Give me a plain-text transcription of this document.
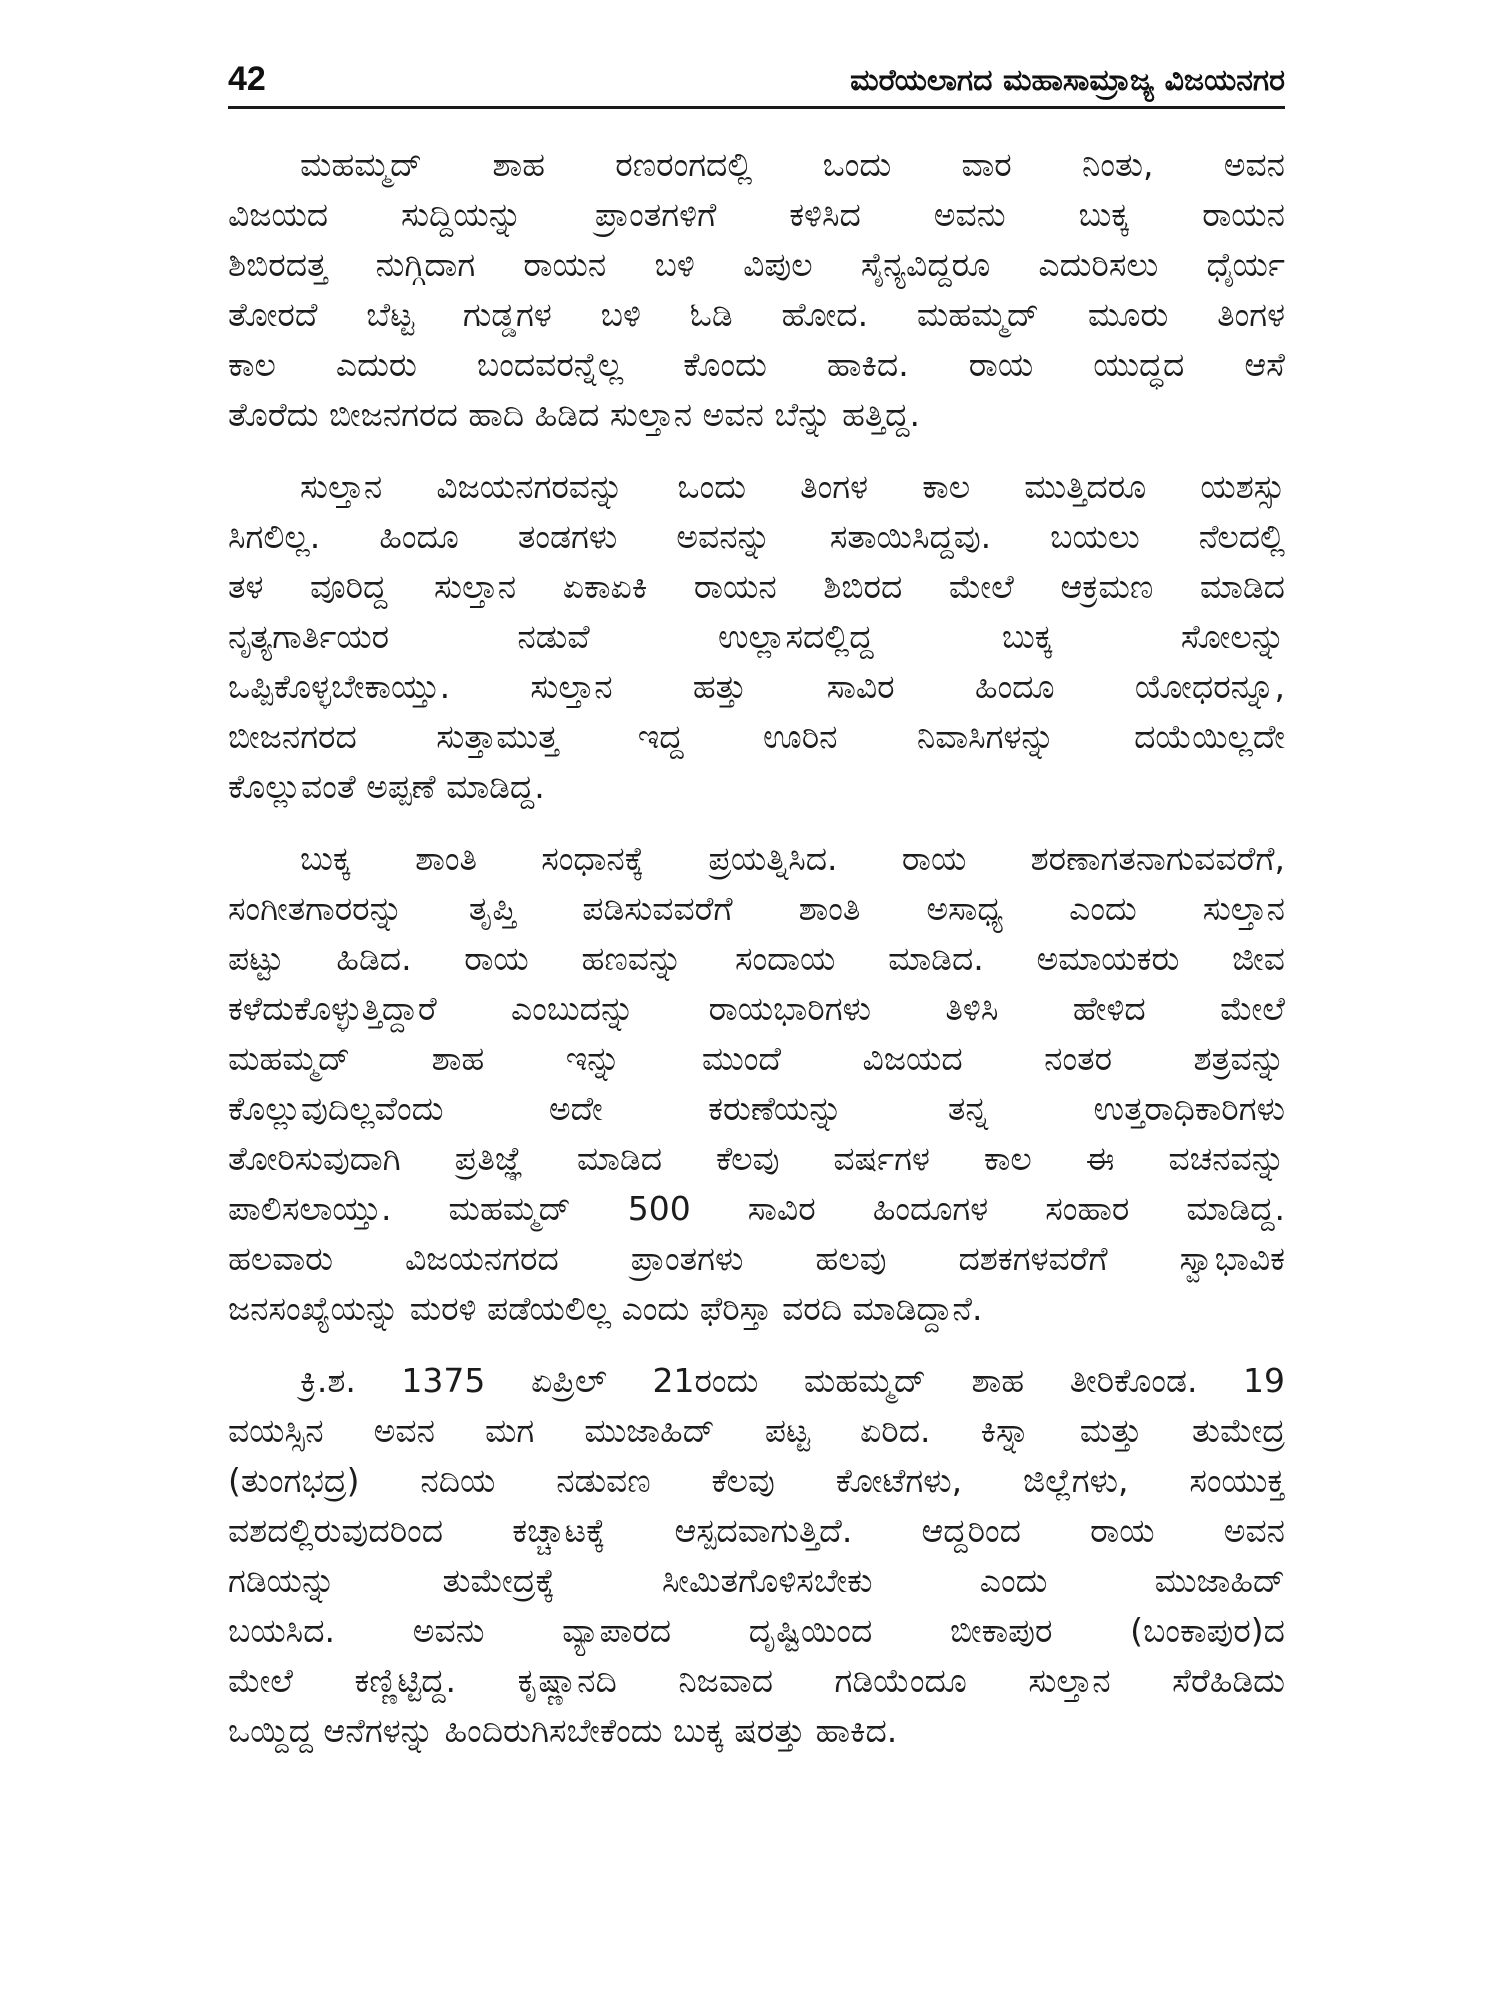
42	ಮರೆಯಲಾಗದ ಮಹಾಸಾಮ್ರಾಜ್ಯ ವಿಜಯನಗರ
ಮಹಮ್ಮದ್ ಶಾಹ ರಣರಂಗದಲ್ಲಿ ಒಂದು ವಾರ ನಿಂತು, ಅವನ
ವಿಜಯದ ಸುದ್ದಿಯನ್ನು ಪ್ರಾಂತಗಳಿಗೆ ಕಳಿಸಿದ ಅವನು ಬುಕ್ಕ ರಾಯನ
ಶಿಬಿರದತ್ತ ನುಗ್ಗಿದಾಗ ರಾಯನ ಬಳಿ ವಿಪುಲ ಸೈನ್ಯವಿದ್ದರೂ ಎದುರಿಸಲು ಧೈರ್ಯ
ತೋರದೆ ಬೆಟ್ಟ ಗುಡ್ಡಗಳ ಬಳಿ ಓಡಿ ಹೋದ. ಮಹಮ್ಮದ್ ಮೂರು ತಿಂಗಳ
ಕಾಲ ಎದುರು ಬಂದವರನ್ನೆಲ್ಲ ಕೊಂದು ಹಾಕಿದ. ರಾಯ ಯುದ್ಧದ ಆಸೆ
ತೊರೆದು ಬೀಜನಗರದ ಹಾದಿ ಹಿಡಿದ ಸುಲ್ತಾನ ಅವನ ಬೆನ್ನು ಹತ್ತಿದ್ದ.
ಸುಲ್ತಾನ ವಿಜಯನಗರವನ್ನು ಒಂದು ತಿಂಗಳ ಕಾಲ ಮುತ್ತಿದರೂ ಯಶಸ್ಸು
ಸಿಗಲಿಲ್ಲ. ಹಿಂದೂ ತಂಡಗಳು ಅವನನ್ನು ಸತಾಯಿಸಿದ್ದವು. ಬಯಲು ನೆಲದಲ್ಲಿ
ತಳ ವೂರಿದ್ದ ಸುಲ್ತಾನ ಏಕಾಏಕಿ ರಾಯನ ಶಿಬಿರದ ಮೇಲೆ ಆಕ್ರಮಣ ಮಾಡಿದ
ನೃತ್ಯಗಾರ್ತಿಯರ ನಡುವೆ ಉಲ್ಲಾಸದಲ್ಲಿದ್ದ ಬುಕ್ಕ ಸೋಲನ್ನು
ಒಪ್ಪಿಕೊಳ್ಳಬೇಕಾಯ್ತು. ಸುಲ್ತಾನ ಹತ್ತು ಸಾವಿರ ಹಿಂದೂ ಯೋಧರನ್ನೂ,
ಬೀಜನಗರದ ಸುತ್ತಾಮುತ್ತ ಇದ್ದ ಊರಿನ ನಿವಾಸಿಗಳನ್ನು ದಯೆಯಿಲ್ಲದೇ
ಕೊಲ್ಲುವಂತೆ ಅಪ್ಪಣೆ ಮಾಡಿದ್ದ.
ಬುಕ್ಕ ಶಾಂತಿ ಸಂಧಾನಕ್ಕೆ ಪ್ರಯತ್ನಿಸಿದ. ರಾಯ ಶರಣಾಗತನಾಗುವವರೆಗೆ,
ಸಂಗೀತಗಾರರನ್ನು ತೃಪ್ತಿ ಪಡಿಸುವವರೆಗೆ ಶಾಂತಿ ಅಸಾಧ್ಯ ಎಂದು ಸುಲ್ತಾನ
ಪಟ್ಟು ಹಿಡಿದ. ರಾಯ ಹಣವನ್ನು ಸಂದಾಯ ಮಾಡಿದ. ಅಮಾಯಕರು ಜೀವ
ಕಳೆದುಕೊಳ್ಳುತ್ತಿದ್ದಾರೆ ಎಂಬುದನ್ನು ರಾಯಭಾರಿಗಳು ತಿಳಿಸಿ ಹೇಳಿದ ಮೇಲೆ
ಮಹಮ್ಮದ್ ಶಾಹ ಇನ್ನು ಮುಂದೆ ವಿಜಯದ ನಂತರ ಶತ್ರವನ್ನು
ಕೊಲ್ಲುವುದಿಲ್ಲವೆಂದು ಅದೇ ಕರುಣೆಯನ್ನು ತನ್ನ ಉತ್ತರಾಧಿಕಾರಿಗಳು
ತೋರಿಸುವುದಾಗಿ ಪ್ರತಿಜ್ಞೆ ಮಾಡಿದ ಕೆಲವು ವರ್ಷಗಳ ಕಾಲ ಈ ವಚನವನ್ನು
ಪಾಲಿಸಲಾಯ್ತು. ಮಹಮ್ಮದ್ 500 ಸಾವಿರ ಹಿಂದೂಗಳ ಸಂಹಾರ ಮಾಡಿದ್ದ.
ಹಲವಾರು ವಿಜಯನಗರದ ಪ್ರಾಂತಗಳು ಹಲವು ದಶಕಗಳವರೆಗೆ ಸ್ವಾಭಾವಿಕ
ಜನಸಂಖ್ಯೆಯನ್ನು ಮರಳಿ ಪಡೆಯಲಿಲ್ಲ ಎಂದು ಫೆರಿಸ್ತಾ ವರದಿ ಮಾಡಿದ್ದಾನೆ.
ಕ್ರಿ.ಶ. 1375 ಏಪ್ರಿಲ್ 21ರಂದು ಮಹಮ್ಮದ್ ಶಾಹ ತೀರಿಕೊಂಡ. 19
ವಯಸ್ಸಿನ ಅವನ ಮಗ ಮುಜಾಹಿದ್ ಪಟ್ಟ ಏರಿದ. ಕಿಸ್ನಾ ಮತ್ತು ತುಮೇದ್ರ
(ತುಂಗಭದ್ರ) ನದಿಯ ನಡುವಣ ಕೆಲವು ಕೋಟೆಗಳು, ಜಿಲ್ಲೆಗಳು, ಸಂಯುಕ್ತ
ವಶದಲ್ಲಿರುವುದರಿಂದ ಕಚ್ಚಾಟಕ್ಕೆ ಆಸ್ಪದವಾಗುತ್ತಿದೆ. ಆದ್ದರಿಂದ ರಾಯ ಅವನ
ಗಡಿಯನ್ನು ತುಮೇದ್ರಕ್ಕೆ ಸೀಮಿತಗೊಳಿಸಬೇಕು ಎಂದು ಮುಜಾಹಿದ್
ಬಯಸಿದ. ಅವನು ವ್ಯಾಪಾರದ ದೃಷ್ಟಿಯಿಂದ ಬೀಕಾಪುರ (ಬಂಕಾಪುರ)ದ
ಮೇಲೆ ಕಣ್ಣಿಟ್ಟಿದ್ದ. ಕೃಷ್ಣಾನದಿ ನಿಜವಾದ ಗಡಿಯೆಂದೂ ಸುಲ್ತಾನ ಸೆರೆಹಿಡಿದು
ಒಯ್ದಿದ್ದ ಆನೆಗಳನ್ನು ಹಿಂದಿರುಗಿಸಬೇಕೆಂದು ಬುಕ್ಕ ಷರತ್ತು ಹಾಕಿದ.
